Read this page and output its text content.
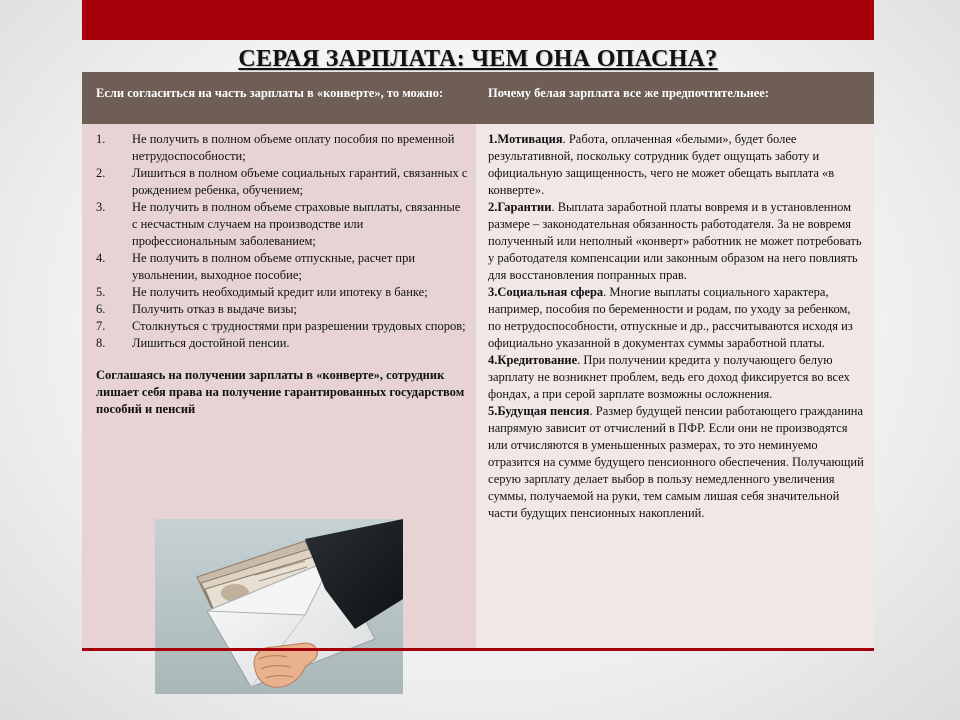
СЕРАЯ ЗАРПЛАТА: ЧЕМ ОНА ОПАСНА?
Если согласиться на часть зарплаты в «конверте», то можно:	Почему белая зарплата все же предпочтительнее:
1.	Не получить в полном объеме оплату пособия по временной нетрудоспособности;
2.	Лишиться в полном объеме социальных гарантий, связанных с рождением ребенка, обучением;
3.	Не получить в полном объеме страховые выплаты, связанные с несчастным случаем на производстве или профессиональным заболеванием;
4.	Не получить в полном объеме отпускные, расчет при увольнении, выходное пособие;
5.	Не получить необходимый кредит или ипотеку в банке;
6.	Получить отказ в выдаче визы;
7.	Столкнуться с трудностями при разрешении трудовых споров;
8.	Лишиться достойной пенсии.
Соглашаясь на получении зарплаты в «конверте», сотрудник лишает себя права на получение гарантированных государством пособий и пенсий

1.Мотивация. Работа, оплаченная «белыми», будет более результативной, поскольку сотрудник будет ощущать заботу и официальную защищенность, чего не может обещать выплата «в конверте».

2.Гарантии. Выплата заработной платы вовремя и в установленном размере – законодательная обязанность работодателя. За не вовремя полученный или неполный «конверт» работник не может потребовать у работодателя компенсации или законным образом на него повлиять для восстановления попранных прав.

3.Социальная сфера. Многие выплаты социального характера, например, пособия по беременности и родам, по уходу за ребенком, по нетрудоспособности, отпускные и др., рассчитываются исходя из официально указанной в документах суммы заработной платы.

4.Кредитование. При получении кредита у получающего белую зарплату не возникнет проблем, ведь его доход фиксируется во всех фондах, а при серой зарплате возможны осложнения.

5.Будущая пенсия. Размер будущей пенсии работающего гражданина напрямую зависит от отчислений в ПФР. Если они не производятся или отчисляются в уменьшенных размерах, то это неминуемо отразится на сумме будущего пенсионного обеспечения. Получающий серую зарплату делает выбор в пользу немедленного увеличения суммы, получаемой на руки, тем самым лишая себя значительной части будущих пенсионных накоплений.
